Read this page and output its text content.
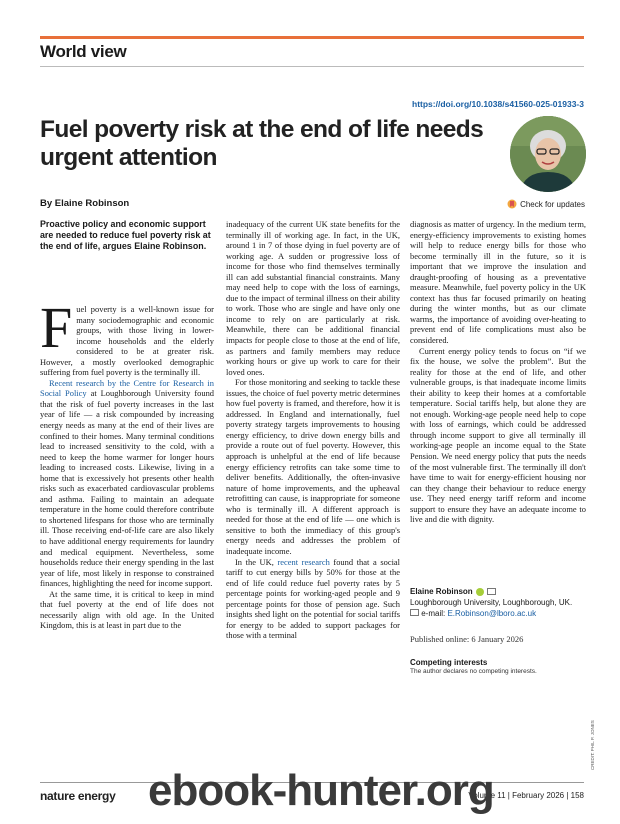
World view
https://doi.org/10.1038/s41560-025-01933-3
Fuel poverty risk at the end of life needs urgent attention
By Elaine Robinson	Check for updates

Proactive policy and economic support are needed to reduce fuel poverty risk at the end of life, argues Elaine Robinson.

Fuel poverty is a well-known issue for many sociodemographic and economic groups, with those living in lower-income households and the elderly considered to be at greater risk. However, a mostly overlooked demographic suffering from fuel poverty is the terminally ill.

Recent research by the Centre for Research in Social Policy at Loughborough University found that the risk of fuel poverty increases in the last year of life — a risk compounded by increasing energy needs as many at the end of their lives are confined to their homes. Many terminal conditions lead to increased sensitivity to the cold, with a need to keep the home warmer for longer hours leading to increased costs. Likewise, living in a home that is excessively hot presents other health risks such as exacerbated cardiovascular problems and asthma. Failing to maintain an adequate temperature in the home could therefore contribute to shortened lifespans for those who are terminally ill. Those receiving end-of-life care are also likely to have additional energy requirements for laundry and medical equipment. Nevertheless, some households reduce their energy spending in the last year of life, most likely in response to constrained finances, highlighting the need for income support.

At the same time, it is critical to keep in mind that fuel poverty at the end of life does not necessarily align with old age. In the United Kingdom, this is at least in part due to the

inadequacy of the current UK state benefits for the terminally ill of working age. In fact, in the UK, around 1 in 7 of those dying in fuel poverty are of working age. A sudden or progressive loss of income for those who find themselves terminally ill can add substantial financial constraints. Many may need help to cope with the loss of earnings, due to the impact of terminal illness on their ability to work. Those who are single and have only one income to rely on are particularly at risk. Meanwhile, there can be additional financial impacts for people close to those at the end of life, as partners and family members may reduce working hours or give up work to care for their loved ones.

For those monitoring and seeking to tackle these issues, the choice of fuel poverty metric determines how fuel poverty is framed, and therefore, how it is addressed. In England and internationally, fuel poverty strategy targets improvements to housing energy efficiency, to drive down energy bills and provide a route out of fuel poverty. However, this approach is unhelpful at the end of life because energy efficiency retrofits can take some time to deliver benefits. Additionally, the often-invasive nature of home improvements, and the upheaval retrofitting can cause, is inappropriate for someone who is terminally ill. A different approach is needed for those at the end of life — one which is sensitive to both the immediacy of this group's energy needs and addresses the problem of inadequate income.

In the UK, recent research found that a social tariff to cut energy bills by 50% for those at the end of life could reduce fuel poverty rates by 5 percentage points for working-aged people and 9 percentage points for those of pension age. Such insights shed light on the potential for social tariffs for energy to be added to support packages for those with a terminal

diagnosis as matter of urgency. In the medium term, energy-efficiency improvements to existing homes will help to reduce energy bills for those who become terminally ill in the future, so it is important that we improve the insulation and draught-proofing of housing as a preventative measure. Meanwhile, fuel poverty policy in the UK context has thus far focused primarily on heating during the winter months, but as our climate warms, the importance of avoiding over-heating to prevent end of life complications must also be considered.

Current energy policy tends to focus on “if we fix the house, we solve the problem”. But the reality for those at the end of life, and other vulnerable groups, is that inadequate income limits their ability to keep their homes at a comfortable temperature. Social tariffs help, but alone they are not enough. Working-age people need help to cope with loss of earnings, which could be addressed through income support to give all terminally ill working-age people an income equal to the State Pension. We need energy policy that puts the needs of the most vulnerable first. The terminally ill don't have time to wait for energy-efficient housing nor can they change their behaviour to reduce energy use. They need energy tariff reform and income support to ensure they have an adequate income to live and die with dignity.

Elaine Robinson
Loughborough University, Loughborough, UK.
e-mail: E.Robinson@lboro.ac.uk
Published online: 6 January 2026
Competing interests
The author declares no competing interests.
CREDIT: PHIL P. JONES
nature energy	Volume 11 | February 2026 | 158
ebook-hunter.org
